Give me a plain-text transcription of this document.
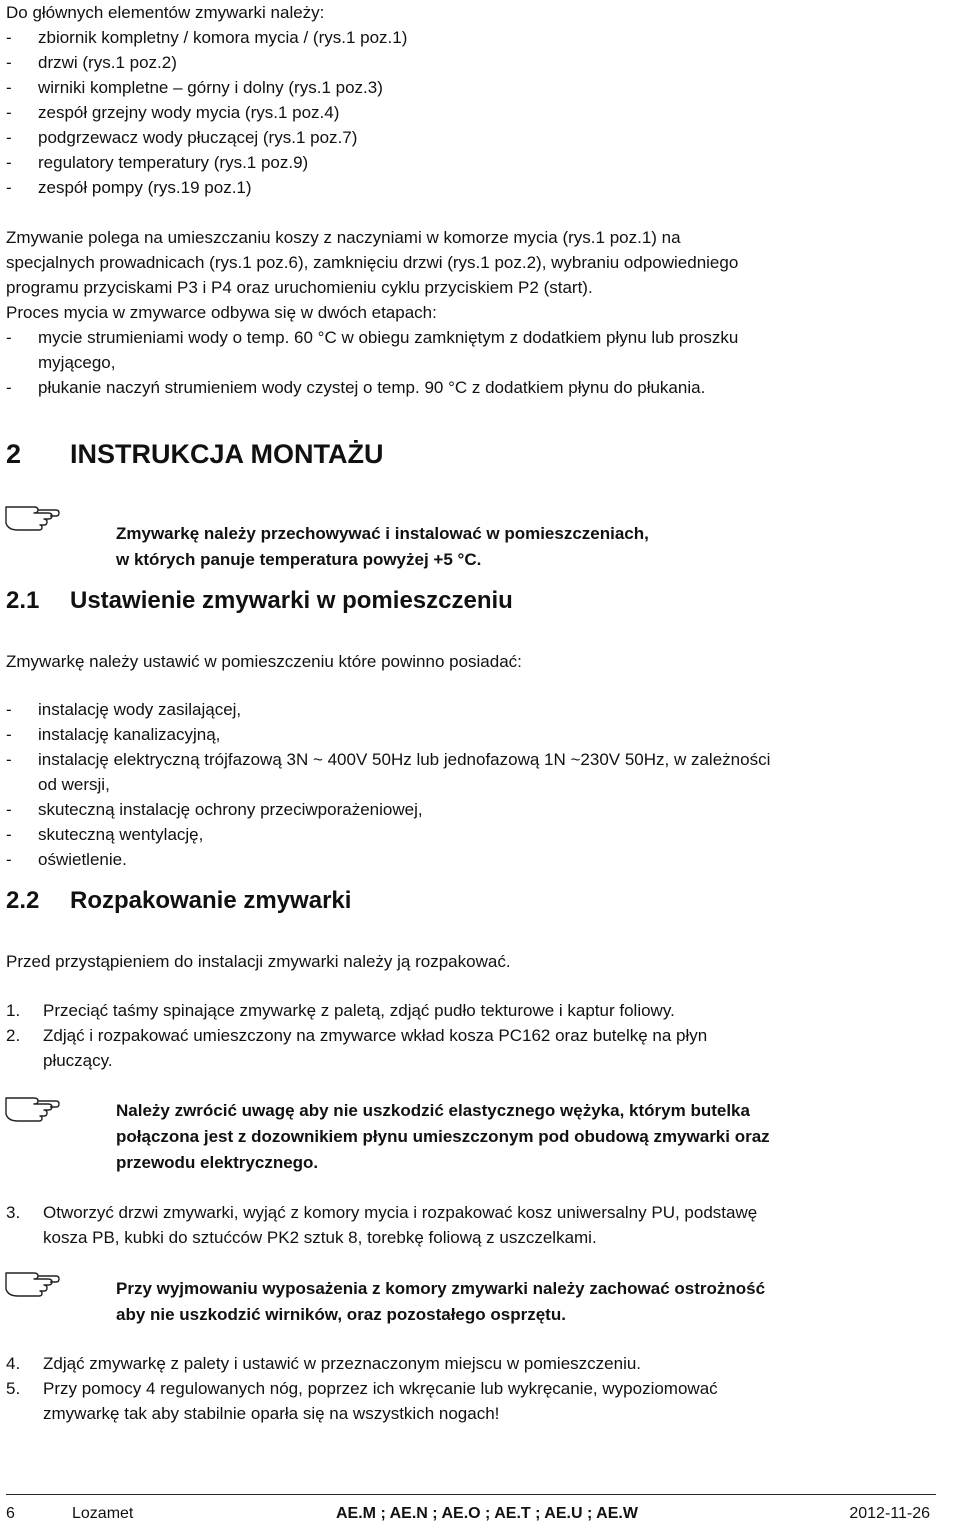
Do głównych elementów zmywarki należy:
- zbiornik kompletny / komora mycia / (rys.1 poz.1)
- drzwi (rys.1 poz.2)
- wirniki kompletne – górny i dolny (rys.1 poz.3)
- zespół grzejny wody mycia (rys.1 poz.4)
- podgrzewacz wody płuczącej (rys.1 poz.7)
- regulatory temperatury (rys.1 poz.9)
- zespół pompy (rys.19 poz.1)
Zmywanie polega na umieszczaniu koszy z naczyniami w komorze mycia (rys.1 poz.1) na
specjalnych prowadnicach (rys.1 poz.6), zamknięciu drzwi (rys.1 poz.2), wybraniu odpowiedniego
programu przyciskami P3 i P4 oraz uruchomieniu cyklu przyciskiem P2 (start).
Proces mycia w zmywarce odbywa się w dwóch etapach:
- mycie strumieniami wody o temp. 60 °C w obiegu zamkniętym z dodatkiem płynu lub proszku
myjącego,
- płukanie naczyń strumieniem wody czystej o temp. 90 °C z dodatkiem płynu do płukania.
2 INSTRUKCJA MONTAŻU
Zmywarkę należy przechowywać i instalować w pomieszczeniach,
w których panuje temperatura powyżej +5 °C.
2.1 Ustawienie zmywarki w pomieszczeniu
Zmywarkę należy ustawić w pomieszczeniu które powinno posiadać:
- instalację wody zasilającej,
- instalację kanalizacyjną,
- instalację elektryczną trójfazową 3N ~ 400V 50Hz lub jednofazową 1N ~230V 50Hz, w zależności
od wersji,
- skuteczną instalację ochrony przeciwporażeniowej,
- skuteczną wentylację,
- oświetlenie.
2.2 Rozpakowanie zmywarki
Przed przystąpieniem do instalacji zmywarki należy ją rozpakować.
1. Przeciąć taśmy spinające zmywarkę z paletą, zdjąć pudło tekturowe i kaptur foliowy.
2. Zdjąć i rozpakować umieszczony na zmywarce wkład kosza PC162 oraz butelkę na płyn
płuczący.
Należy zwrócić uwagę aby nie uszkodzić elastycznego wężyka, którym butelka
połączona jest z dozownikiem płynu umieszczonym pod obudową zmywarki oraz
przewodu elektrycznego.
3. Otworzyć drzwi zmywarki, wyjąć z komory mycia i rozpakować kosz uniwersalny PU, podstawę
kosza PB, kubki do sztućców PK2 sztuk 8, torebkę foliową z uszczelkami.
Przy wyjmowaniu wyposażenia z komory zmywarki należy zachować ostrożność
aby nie uszkodzić wirników, oraz pozostałego osprzętu.
4. Zdjąć zmywarkę z palety i ustawić w przeznaczonym miejscu w pomieszczeniu.
5. Przy pomocy 4 regulowanych nóg, poprzez ich wkręcanie lub wykręcanie, wypoziomować
zmywarkę tak aby stabilnie oparła się na wszystkich nogach!
6	Lozamet	AE.M ; AE.N ; AE.O ; AE.T ; AE.U ; AE.W	2012-11-26
